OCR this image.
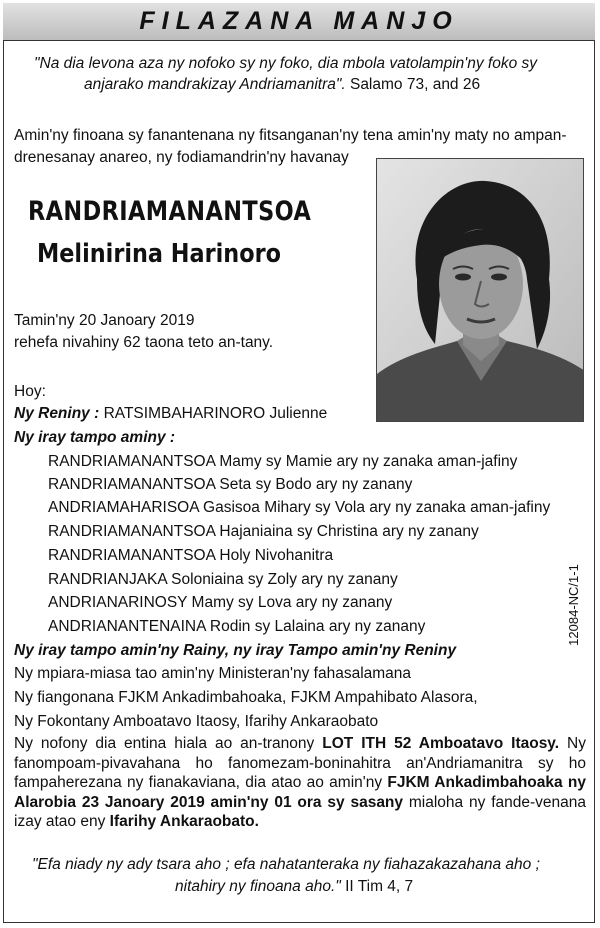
FILAZANA MANJO
"Na dia levona aza ny nofoko sy ny foko, dia mbola vatolampin'ny foko sy
anjarako mandrakizay Andriamanitra". Salamo 73, and 26
Amin'ny finoana sy fanantenana ny fitsanganan'ny tena amin'ny maty no ampan-
drenesanay anareo, ny fodiamandrin'ny havanay
RANDRIAMANANTSOA
Melinirina Harinoro
Tamin'ny 20 Janoary 2019
rehefa nivahiny 62 taona teto an-tany.
Hoy:
Ny Reniny : RATSIMBAHARINORO Julienne
Ny iray tampo aminy :
RANDRIAMANANTSOA Mamy sy Mamie ary ny zanaka aman-jafiny
RANDRIAMANANTSOA Seta sy Bodo ary ny zanany
ANDRIAMAHARISOA Gasisoa Mihary sy Vola ary ny zanaka aman-jafiny
RANDRIAMANANTSOA Hajaniaina sy Christina ary ny zanany
RANDRIAMANANTSOA Holy Nivohanitra
RANDRIANJAKA Soloniaina sy Zoly ary ny zanany
ANDRIANARINOSY Mamy sy Lova ary ny zanany
ANDRIANANTENAINA Rodin sy Lalaina ary ny zanany
Ny iray tampo amin'ny Rainy, ny iray Tampo amin'ny Reniny
Ny mpiara-miasa tao amin'ny Ministeran'ny fahasalamana
Ny fiangonana FJKM Ankadimbahoaka, FJKM Ampahibato Alasora,
Ny Fokontany Amboatavo Itaosy, Ifarihy Ankaraobato
12084-NC/1-1
Ny nofony dia entina hiala ao an-tranony LOT ITH 52 Amboatavo Itaosy. Ny fanompoam-pivavahana ho fanomezam-boninahitra an'Andriamanitra sy ho fampaherezana ny fianakaviana, dia atao ao amin'ny FJKM Ankadimbahoaka ny Alarobia 23 Janoary 2019 amin'ny 01 ora sy sasany mialoha ny fande-venana izay atao eny Ifarihy Ankaraobato.
"Efa niady ny ady tsara aho ; efa nahatanteraka ny fiahazakazahana aho ;
nitahiry ny finoana aho." II Tim 4, 7
